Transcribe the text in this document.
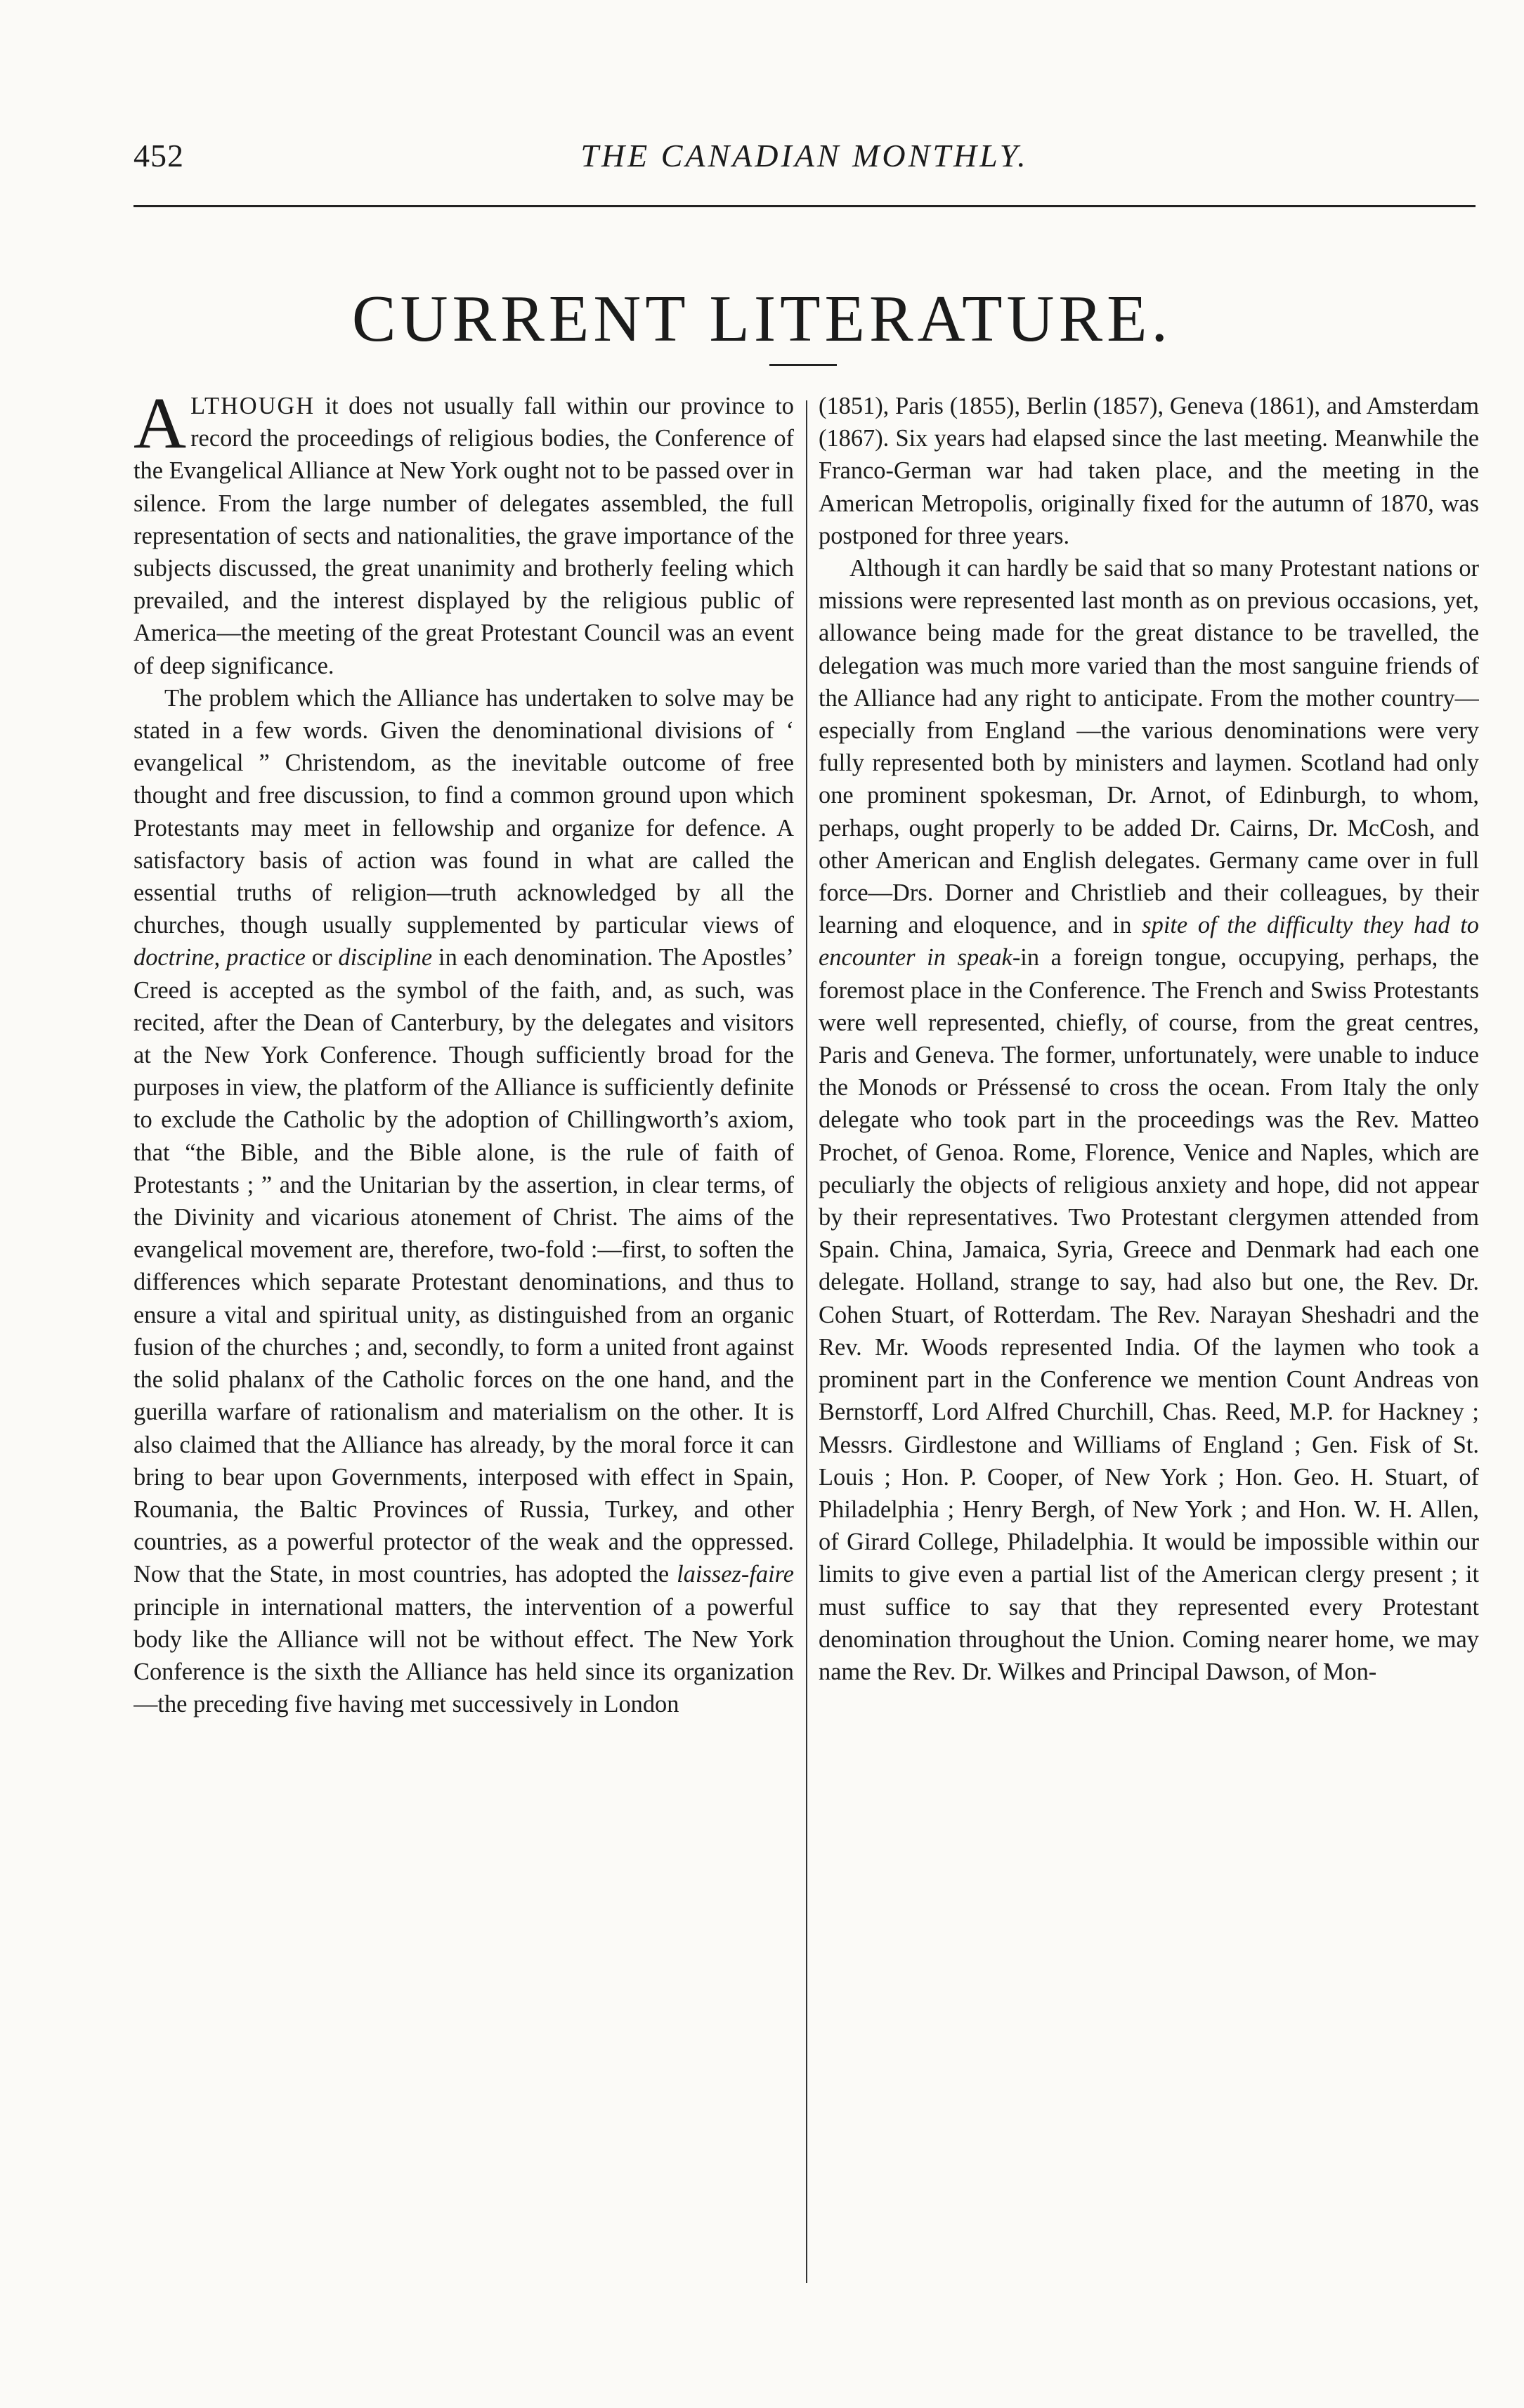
452	THE CANADIAN MONTHLY.
CURRENT LITERATURE.

ALTHOUGH it does not usually fall within our province to record the proceedings of religious bodies, the Conference of the Evangelical Alliance at New York ought not to be passed over in silence. From the large number of delegates assembled, the full representation of sects and nationalities, the grave importance of the subjects discussed, the great unanimity and brotherly feeling which prevailed, and the interest displayed by the religious public of America—the meeting of the great Protestant Council was an event of deep significance.

The problem which the Alliance has undertaken to solve may be stated in a few words. Given the denominational divisions of ‘ evangelical ” Christendom, as the inevitable outcome of free thought and free discussion, to find a common ground upon which Protestants may meet in fellowship and organize for defence. A satisfactory basis of action was found in what are called the essential truths of religion—truth acknowledged by all the churches, though usually supplemented by particular views of doctrine, practice or discipline in each denomination. The Apostles’ Creed is accepted as the symbol of the faith, and, as such, was recited, after the Dean of Canterbury, by the delegates and visitors at the New York Conference. Though sufficiently broad for the purposes in view, the platform of the Alliance is sufficiently definite to exclude the Catholic by the adoption of Chillingworth’s axiom, that “the Bible, and the Bible alone, is the rule of faith of Protestants ; ” and the Unitarian by the assertion, in clear terms, of the Divinity and vicarious atonement of Christ. The aims of the evangelical movement are, therefore, two-fold :—first, to soften the differences which separate Protestant denominations, and thus to ensure a vital and spiritual unity, as distinguished from an organic fusion of the churches ; and, secondly, to form a united front against the solid phalanx of the Catholic forces on the one hand, and the guerilla warfare of rationalism and materialism on the other. It is also claimed that the Alliance has already, by the moral force it can bring to bear upon Governments, interposed with effect in Spain, Roumania, the Baltic Provinces of Russia, Turkey, and other countries, as a powerful protector of the weak and the oppressed. Now that the State, in most countries, has adopted the laissez-faire principle in international matters, the intervention of a powerful body like the Alliance will not be without effect. The New York Conference is the sixth the Alliance has held since its organization—the preceding five having met successively in London

(1851), Paris (1855), Berlin (1857), Geneva (1861), and Amsterdam (1867). Six years had elapsed since the last meeting. Meanwhile the Franco-German war had taken place, and the meeting in the American Metropolis, originally fixed for the autumn of 1870, was postponed for three years.

Although it can hardly be said that so many Protestant nations or missions were represented last month as on previous occasions, yet, allowance being made for the great distance to be travelled, the delegation was much more varied than the most sanguine friends of the Alliance had any right to anticipate. From the mother country—especially from England —the various denominations were very fully represented both by ministers and laymen. Scotland had only one prominent spokesman, Dr. Arnot, of Edinburgh, to whom, perhaps, ought properly to be added Dr. Cairns, Dr. McCosh, and other American and English delegates. Germany came over in full force—Drs. Dorner and Christlieb and their colleagues, by their learning and eloquence, and in spite of the difficulty they had to encounter in speak-in a foreign tongue, occupying, perhaps, the foremost place in the Conference. The French and Swiss Protestants were well represented, chiefly, of course, from the great centres, Paris and Geneva. The former, unfortunately, were unable to induce the Monods or Préssensé to cross the ocean. From Italy the only delegate who took part in the proceedings was the Rev. Matteo Prochet, of Genoa. Rome, Florence, Venice and Naples, which are peculiarly the objects of religious anxiety and hope, did not appear by their representatives. Two Protestant clergymen attended from Spain. China, Jamaica, Syria, Greece and Denmark had each one delegate. Holland, strange to say, had also but one, the Rev. Dr. Cohen Stuart, of Rotterdam. The Rev. Narayan Sheshadri and the Rev. Mr. Woods represented India. Of the laymen who took a prominent part in the Conference we mention Count Andreas von Bernstorff, Lord Alfred Churchill, Chas. Reed, M.P. for Hackney ; Messrs. Girdlestone and Williams of England ; Gen. Fisk of St. Louis ; Hon. P. Cooper, of New York ; Hon. Geo. H. Stuart, of Philadelphia ; Henry Bergh, of New York ; and Hon. W. H. Allen, of Girard College, Philadelphia. It would be impossible within our limits to give even a partial list of the American clergy present ; it must suffice to say that they represented every Protestant denomination throughout the Union. Coming nearer home, we may name the Rev. Dr. Wilkes and Principal Dawson, of Mon-
